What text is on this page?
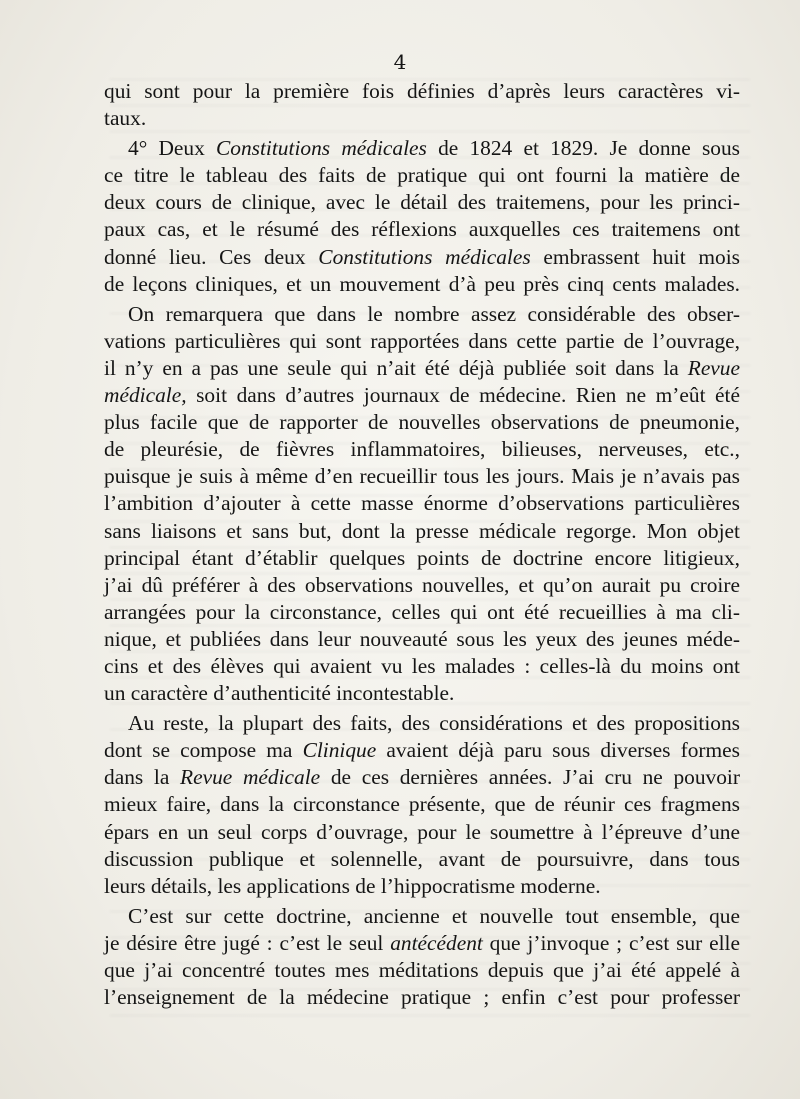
4
qui sont pour la première fois définies d’après leurs caractères vi-
taux.
4° Deux Constitutions médicales de 1824 et 1829. Je donne sous
ce titre le tableau des faits de pratique qui ont fourni la matière de
deux cours de clinique, avec le détail des traitemens, pour les princi-
paux cas, et le résumé des réflexions auxquelles ces traitemens ont
donné lieu. Ces deux Constitutions médicales embrassent huit mois
de leçons cliniques, et un mouvement d’à peu près cinq cents malades.
On remarquera que dans le nombre assez considérable des obser-
vations particulières qui sont rapportées dans cette partie de l’ouvrage,
il n’y en a pas une seule qui n’ait été déjà publiée soit dans la Revue
médicale, soit dans d’autres journaux de médecine. Rien ne m’eût été
plus facile que de rapporter de nouvelles observations de pneumonie,
de pleurésie, de fièvres inflammatoires, bilieuses, nerveuses, etc.,
puisque je suis à même d’en recueillir tous les jours. Mais je n’avais pas
l’ambition d’ajouter à cette masse énorme d’observations particulières
sans liaisons et sans but, dont la presse médicale regorge. Mon objet
principal étant d’établir quelques points de doctrine encore litigieux,
j’ai dû préférer à des observations nouvelles, et qu’on aurait pu croire
arrangées pour la circonstance, celles qui ont été recueillies à ma cli-
nique, et publiées dans leur nouveauté sous les yeux des jeunes méde-
cins et des élèves qui avaient vu les malades : celles-là du moins ont
un caractère d’authenticité incontestable.
Au reste, la plupart des faits, des considérations et des propositions
dont se compose ma Clinique avaient déjà paru sous diverses formes
dans la Revue médicale de ces dernières années. J’ai cru ne pouvoir
mieux faire, dans la circonstance présente, que de réunir ces fragmens
épars en un seul corps d’ouvrage, pour le soumettre à l’épreuve d’une
discussion publique et solennelle, avant de poursuivre, dans tous
leurs détails, les applications de l’hippocratisme moderne.
C’est sur cette doctrine, ancienne et nouvelle tout ensemble, que
je désire être jugé : c’est le seul antécédent que j’invoque ; c’est sur elle
que j’ai concentré toutes mes méditations depuis que j’ai été appelé à
l’enseignement de la médecine pratique ; enfin c’est pour professer
